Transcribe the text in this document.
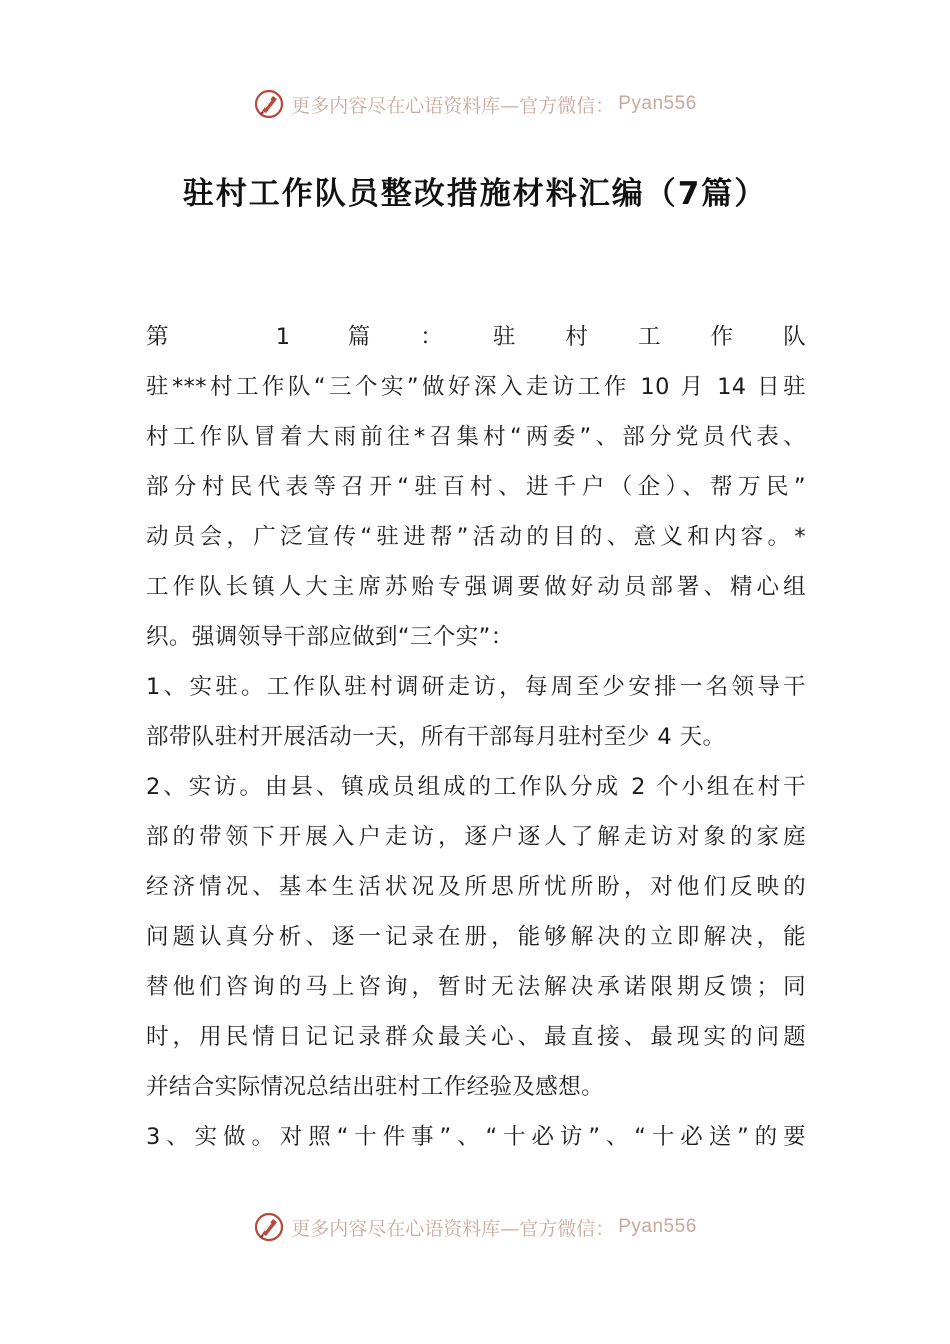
更多内容尽在心语资料库—官方微信： Pyan556
驻村工作队员整改措施材料汇编（7篇）
第 1 篇：驻村工作队
驻***村工作队“三个实”做好深入走访工作 10 月 14 日驻
村工作队冒着大雨前往*召集村“两委”、部分党员代表、
部分村民代表等召开“驻百村、进千户（企）、帮万民”
动员会，广泛宣传“驻进帮”活动的目的、意义和内容。*
工作队长镇人大主席苏贻专强调要做好动员部署、精心组
织。强调领导干部应做到“三个实”：
1、实驻。工作队驻村调研走访，每周至少安排一名领导干
部带队驻村开展活动一天，所有干部每月驻村至少 4 天。
2、实访。由县、镇成员组成的工作队分成 2 个小组在村干
部的带领下开展入户走访，逐户逐人了解走访对象的家庭
经济情况、基本生活状况及所思所忧所盼，对他们反映的
问题认真分析、逐一记录在册，能够解决的立即解决，能
替他们咨询的马上咨询，暂时无法解决承诺限期反馈；同
时，用民情日记记录群众最关心、最直接、最现实的问题
并结合实际情况总结出驻村工作经验及感想。
3、实做。对照“十件事”、“十必访”、“十必送”的要
更多内容尽在心语资料库—官方微信： Pyan556
